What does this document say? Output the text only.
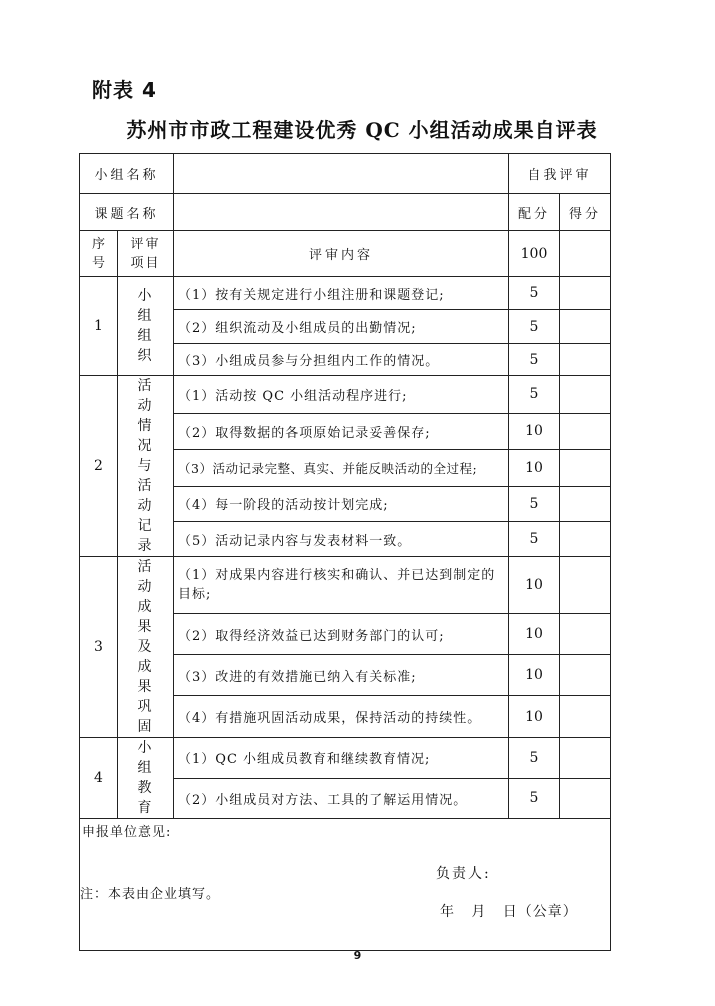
附表 4
苏州市市政工程建设优秀 QC 小组活动成果自评表
小组名称			自我评审	
课题名称			配分	得分

序号	评审项目	评审内容	100	
1	小组组织	（1）按有关规定进行小组注册和课题登记;	5	
		（2）组织流动及小组成员的出勤情况;	5	
		（3）小组成员参与分担组内工作的情况。	5	
2	活动情况与活动记录	（1）活动按 QC 小组活动程序进行;	5	
		（2）取得数据的各项原始记录妥善保存;	10	
		（3）活动记录完整、真实、并能反映活动的全过程;	10	
		（4）每一阶段的活动按计划完成;	5	
		（5）活动记录内容与发表材料一致。	5	
3	活动成果及成果巩固	（1）对成果内容进行核实和确认、并已达到制定的目标;	10	
		（2）取得经济效益已达到财务部门的认可;	10	
		（3）改进的有效措施已纳入有关标准;	10	
		（4）有措施巩固活动成果，保持活动的持续性。	10	
4	小组教育	（1）QC 小组成员教育和继续教育情况;	5	
		（2）小组成员对方法、工具的了解运用情况。	5	

申报单位意见:
负责人:
年   月   日（公章）				
注：本表由企业填写。
9
